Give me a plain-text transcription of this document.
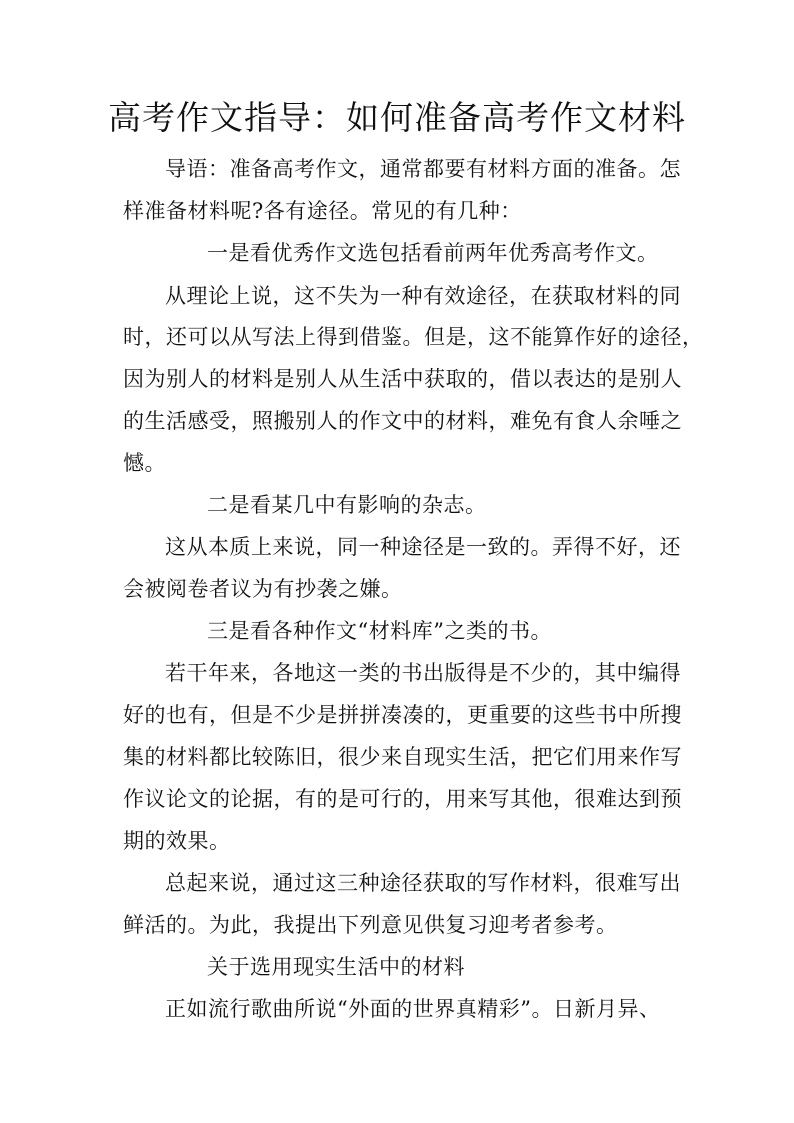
高考作文指导：如何准备高考作文材料
导语：准备高考作文，通常都要有材料方面的准备。怎
样准备材料呢?各有途径。常见的有几种：
一是看优秀作文选包括看前两年优秀高考作文。
从理论上说，这不失为一种有效途径，在获取材料的同
时，还可以从写法上得到借鉴。但是，这不能算作好的途径，
因为别人的材料是别人从生活中获取的，借以表达的是别人
的生活感受，照搬别人的作文中的材料，难免有食人余唾之
憾。
二是看某几中有影响的杂志。
这从本质上来说，同一种途径是一致的。弄得不好，还
会被阅卷者议为有抄袭之嫌。
三是看各种作文“材料库”之类的书。
若干年来，各地这一类的书出版得是不少的，其中编得
好的也有，但是不少是拼拼凑凑的，更重要的这些书中所搜
集的材料都比较陈旧，很少来自现实生活，把它们用来作写
作议论文的论据，有的是可行的，用来写其他，很难达到预
期的效果。
总起来说，通过这三种途径获取的写作材料，很难写出
鲜活的。为此，我提出下列意见供复习迎考者参考。
关于选用现实生活中的材料
正如流行歌曲所说“外面的世界真精彩”。日新月异、
